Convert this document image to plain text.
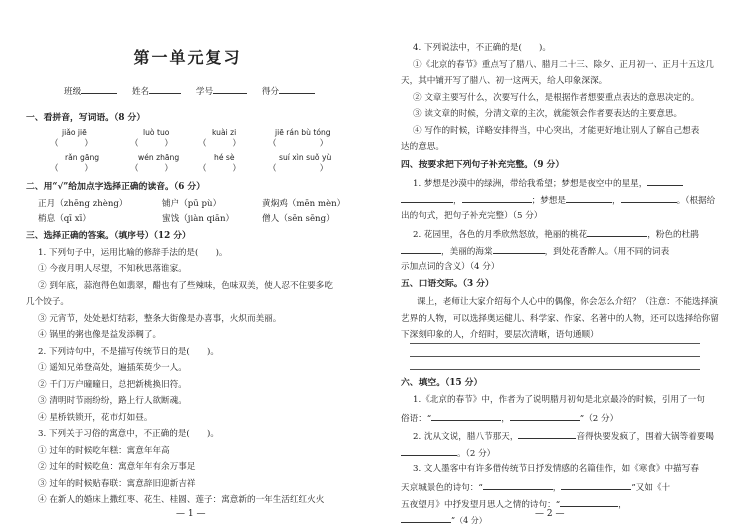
第一单元复习
班级	姓名	学号	得分
一、看拼音，写词语。（8 分）
jiǎo jiē	luò tuo	kuài zi	jiē rán bù tóng
（　　　）	（　　　）	（　　　）	（　　　　　）
rǎn gāng	wén zhāng	hé sè	suí xìn suǒ yù
（　　　）	（　　　）	（　　　）	（　　　　　）
二、用“√”给加点字选择正确的读音。（6 分）
正月（zhēng zhèng）	铺户（pū pù）	黄焖鸡（mēn mèn）
梢息（qī xī）	蜜饯（jiàn qiān）	僧人（sēn sēng）
三、选择正确的答案。（填序号）（12 分）
1. 下列句子中，运用比喻的修辞手法的是(　　)。
① 今夜月明人尽望，不知秋思落谁家。
② 到年底，蒜泡得色如翡翠，醋也有了些辣味，色味双美，使人忍不住要多吃
几个饺子。
③ 元宵节，处处悬灯结彩，整条大街像是办喜事，火炽而美丽。
④ 锅里的粥也像是益发添稠了。
2. 下列诗句中，不是描写传统节日的是(　　)。
① 遥知兄弟登高处，遍插茱萸少一人。
② 千门万户曈曈日，总把新桃换旧符。
③ 清明时节雨纷纷，路上行人欲断魂。
④ 星桥铁锁开，花市灯如昼。
3. 下列关于习俗的寓意中，不正确的是(　　)。
① 过年的时候吃年糕：寓意年年高
② 过年的时候吃鱼：寓意年年有余万事足
③ 过年的时候贴春联：寓意辞旧迎新吉祥
④ 在新人的婚床上撒红枣、花生、桂圆、莲子：寓意新的一年生活红红火火
— 1 —
4. 下列说法中，不正确的是(　　)。
①《北京的春节》重点写了腊八、腊月二十三、除夕、正月初一、正月十五这几
天，其中铺开写了腊八、初一这两天，给人印象深深。
② 文章主要写什么，次要写什么，是根据作者想要重点表达的意思决定的。
③ 读文章的时候，分清文章的主次，就能领会作者要表达的主要意思。
④ 写作的时候，详略安排得当，中心突出，才能更好地让别人了解自己想表
达的意思。
四、按要求把下列句子补充完整。（9 分）
1. 梦想是沙漠中的绿洲，带给我希望；梦想是夜空中的星星，
，	；梦想是	，	。（根据给
出的句式，把句子补充完整）（5 分）
2. 花园里，各色的月季欣然怒放，艳丽的桃花	，粉色的杜鹃
，美丽的海棠	，到处花香醉人。（用不同的词表
示加点词的含义）（4 分）
五、口语交际。（3 分）
课上，老师让大家介绍每个人心中的偶像，你会怎么介绍？（注意：不能选择演艺界的人物，可以选择奥运健儿、科学家、作家、名著中的人物，还可以选择给你留下深刻印象的人，介绍时，要层次清晰，语句通顺）
六、填空。（15 分）
1.《北京的春节》中，作者为了说明腊月初旬是北京最冷的时候，引用了一句
俗语：“	，	”（2 分）
2. 沈从文说，腊八节那天，	音得快要发疯了，围着大锅等着要喝
。（2 分）
3. 文人墨客中有许多借传统节日抒发情感的名篇佳作，如《寒食》中描写春
天京城景色的诗句：“	，	”又如《十
五夜望月》中抒发望月思人之情的诗句：“	，
”（4 分）
— 2 —
